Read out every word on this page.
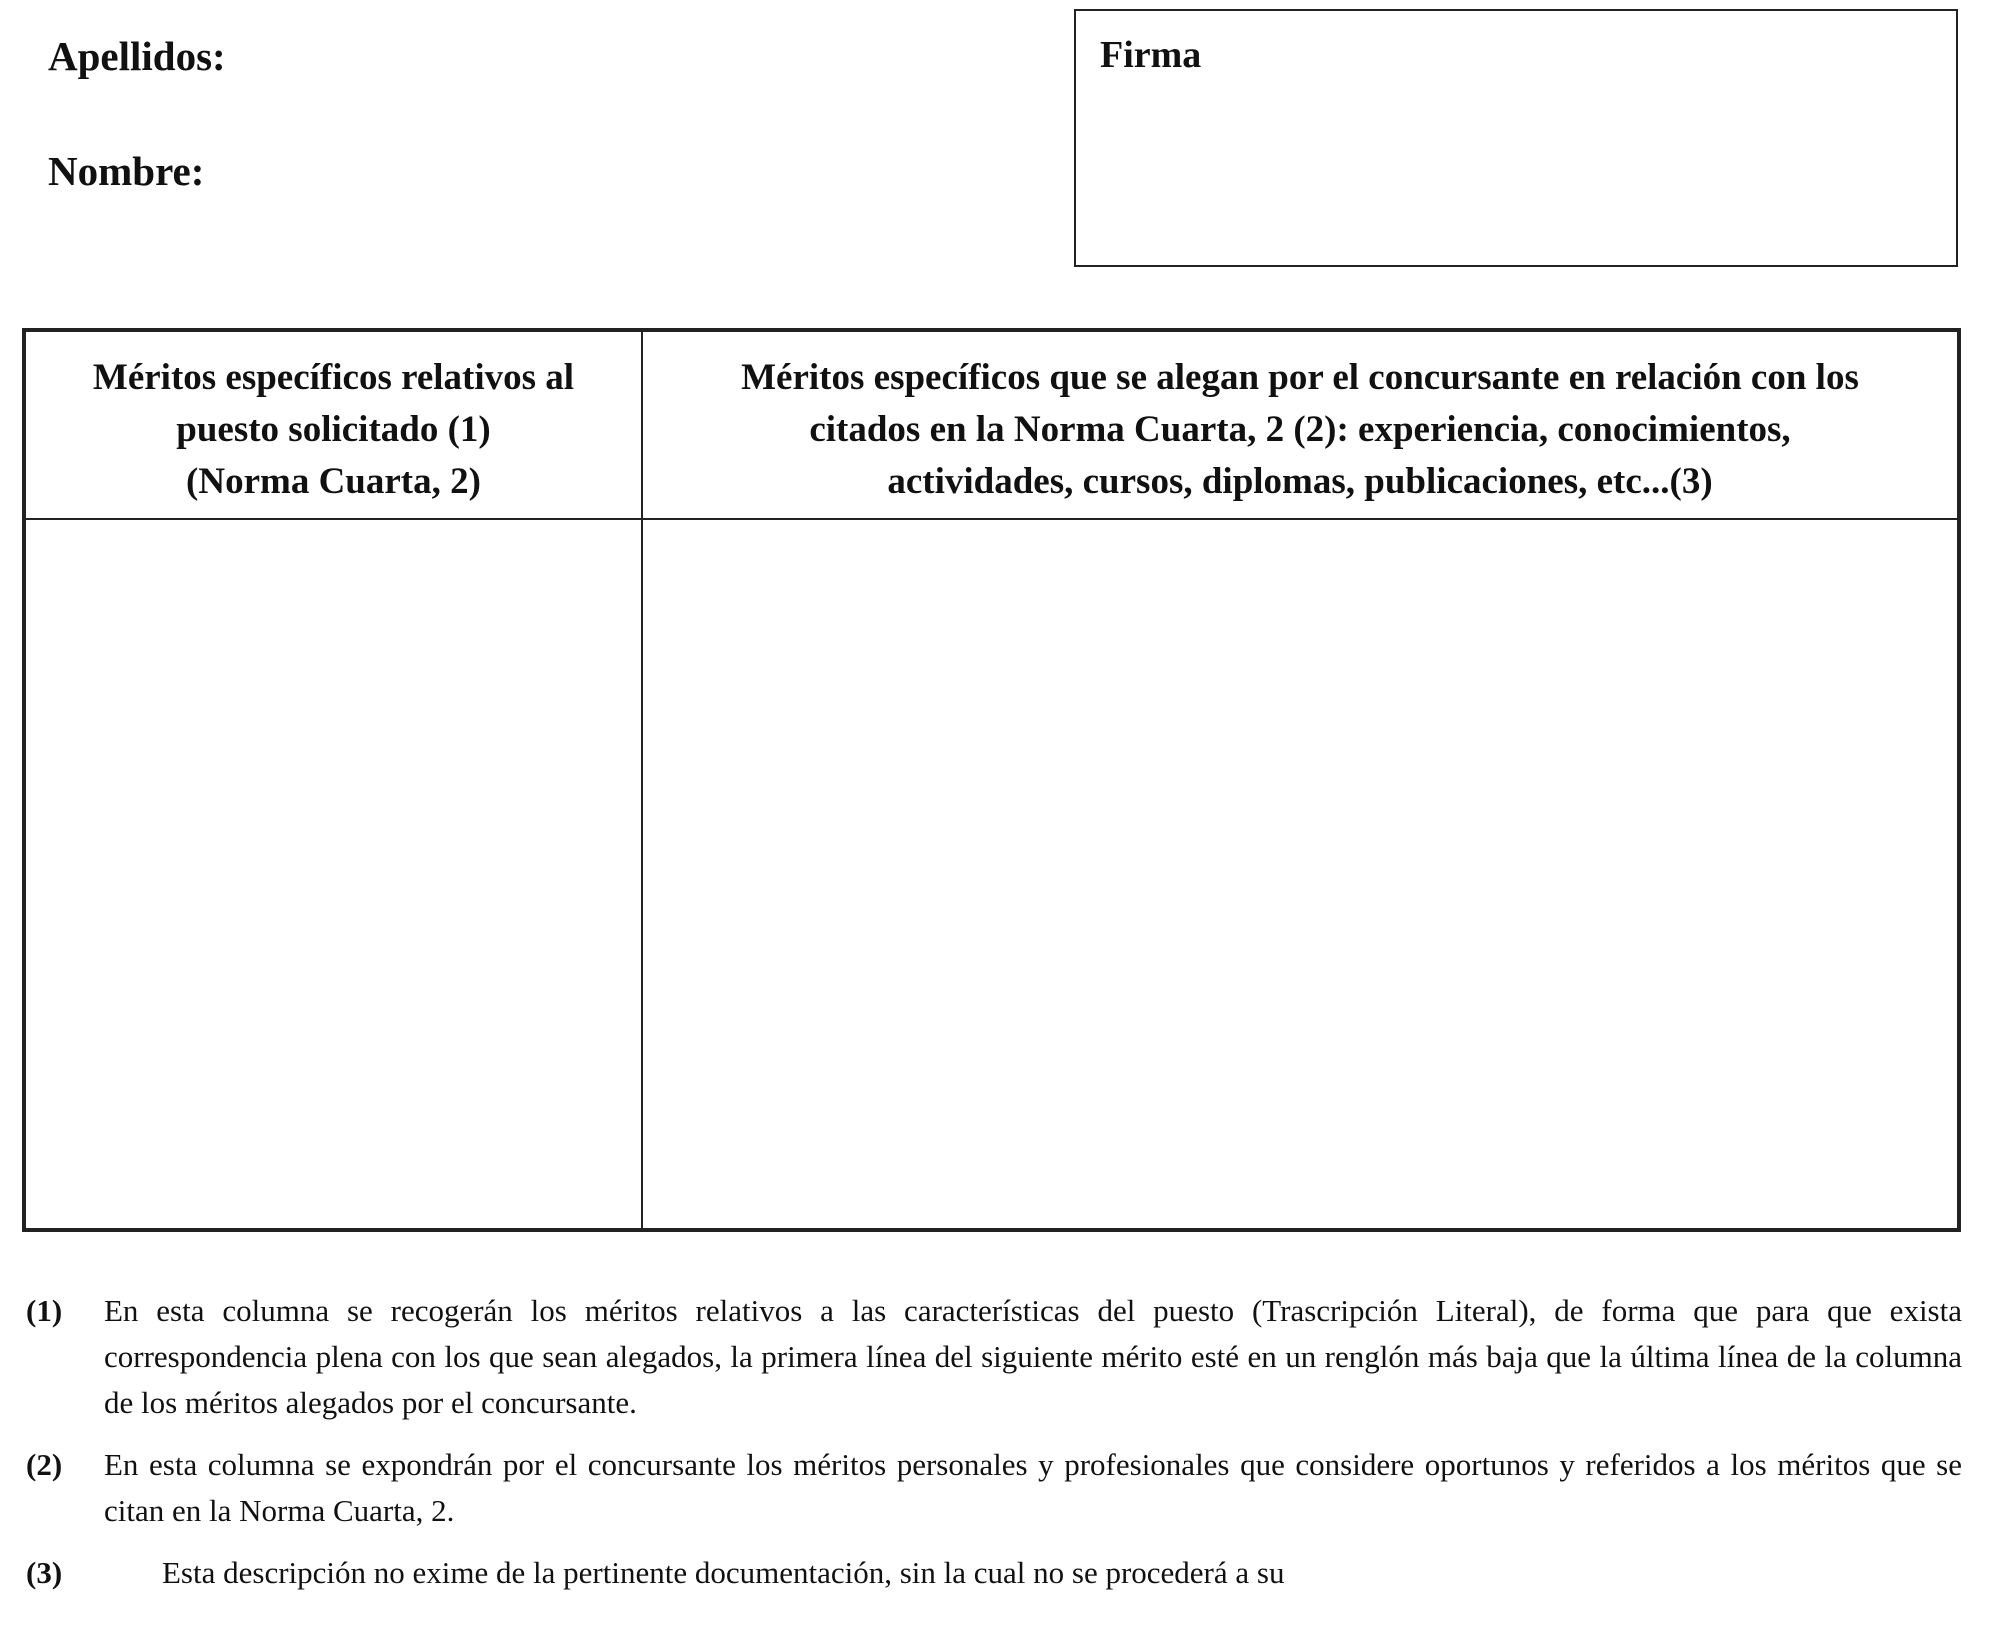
Apellidos:
Nombre:
Firma
Méritos específicos relativos al
puesto solicitado (1)
(Norma Cuarta, 2)
Méritos específicos que se alegan por el concursante en relación con los
citados en la Norma Cuarta, 2 (2): experiencia, conocimientos,
actividades, cursos, diplomas, publicaciones, etc...(3)
(1) En esta columna se recogerán los méritos relativos a las características del puesto (Trascripción Literal), de forma que para que exista correspondencia plena con los que sean alegados, la primera línea del siguiente mérito esté en un renglón más baja que la última línea de la columna de los méritos alegados por el concursante.
(2) En esta columna se expondrán por el concursante los méritos personales y profesionales que considere oportunos y referidos a los méritos que se citan en la Norma Cuarta, 2.
(3)	Esta descripción no exime de la pertinente documentación, sin la cual no se procederá a su
